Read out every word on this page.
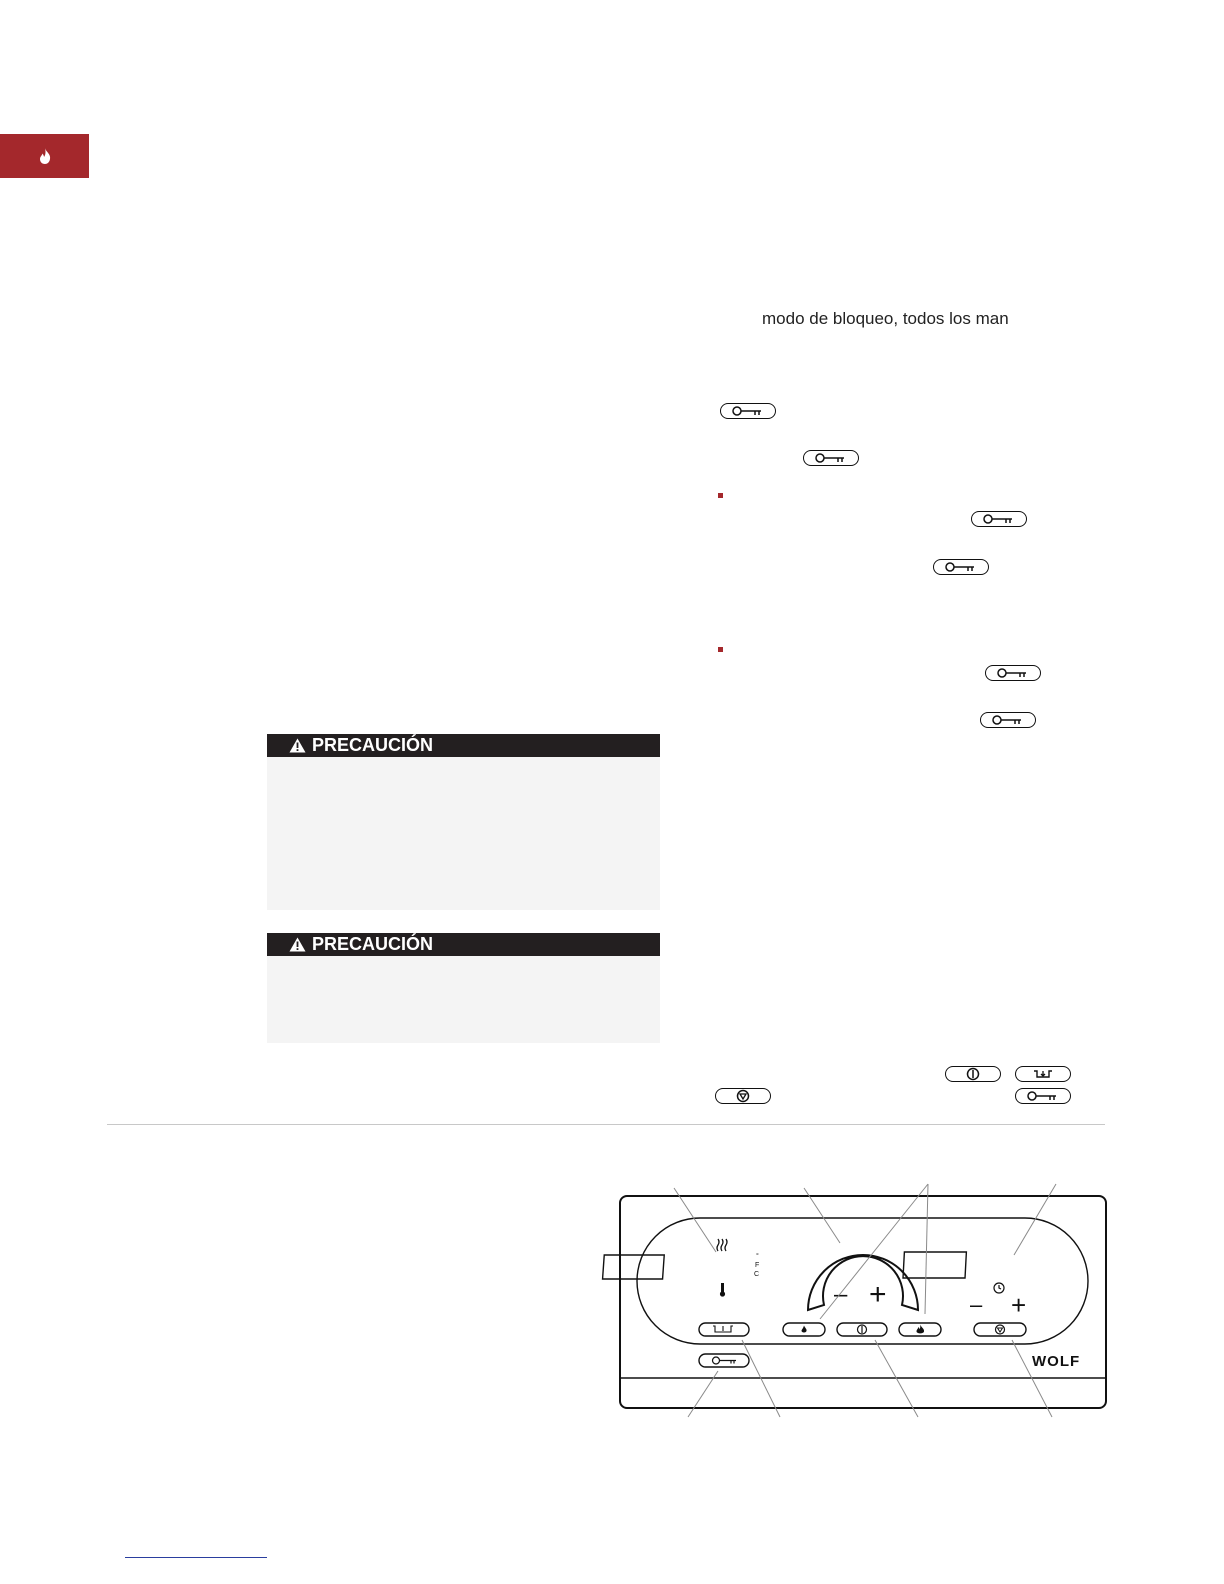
modo de bloqueo, todos los man
PRECAUCIÓN
PRECAUCIÓN
°
F
C
– +	– +
WOLF
